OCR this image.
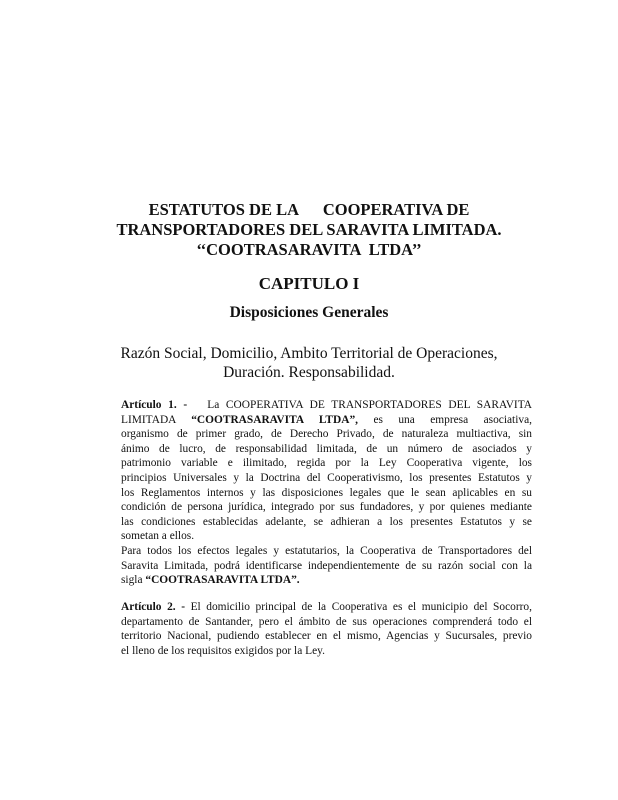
ESTATUTOS DE LA      COOPERATIVA DE
TRANSPORTADORES DEL SARAVITA LIMITADA.
‘‘COOTRASARAVITA  LTDA’’
CAPITULO I
Disposiciones Generales
Razón Social, Domicilio, Ambito Territorial de Operaciones,
Duración. Responsabilidad.
Artículo 1. - La COOPERATIVA DE TRANSPORTADORES DEL SARAVITA
LIMITADA “COOTRASARAVITA LTDA”, es una empresa asociativa,
organismo de primer grado, de Derecho Privado, de naturaleza multiactiva, sin
ánimo de lucro, de responsabilidad limitada, de un número de asociados y
patrimonio variable e ilimitado, regida por la Ley Cooperativa vigente, los
principios Universales y la Doctrina del Cooperativismo, los presentes Estatutos y
los Reglamentos internos y las disposiciones legales que le sean aplicables en su
condición de persona jurídica, integrado por sus fundadores, y por quienes mediante
las condiciones establecidas adelante, se adhieran a los presentes Estatutos y se
sometan a ellos.
Para todos los efectos legales y estatutarios, la Cooperativa de Transportadores del
Saravita Limitada, podrá identificarse independientemente de su razón social con la
sigla “COOTRASARAVITA LTDA”.
Artículo 2. - El domicilio principal de la Cooperativa es el municipio del Socorro,
departamento de Santander, pero el ámbito de sus operaciones comprenderá todo el
territorio Nacional, pudiendo establecer en el mismo, Agencias y Sucursales, previo
el lleno de los requisitos exigidos por la Ley.
